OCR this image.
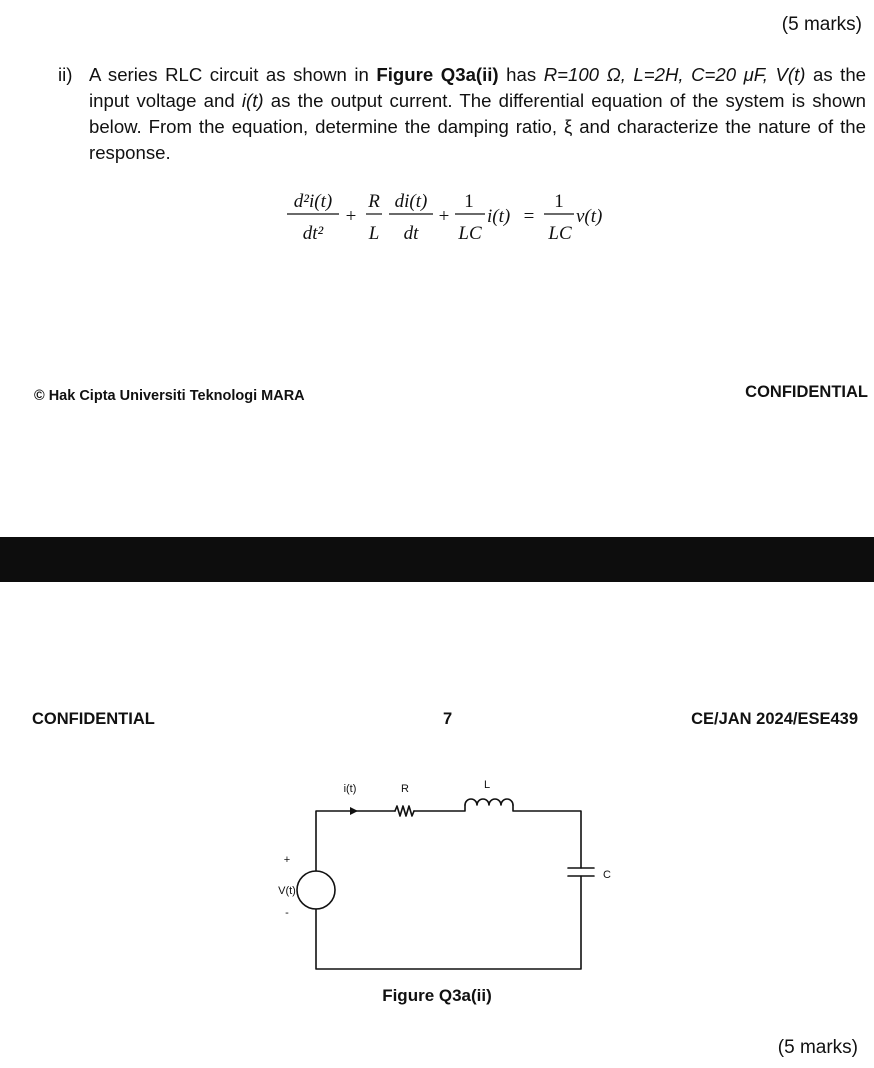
(5 marks)
ii) A series RLC circuit as shown in Figure Q3a(ii) has R=100 Ω, L=2H, C=20 μF, V(t) as the input voltage and i(t) as the output current. The differential equation of the system is shown below. From the equation, determine the damping ratio, ξ and characterize the nature of the response.
d²i(t)
dt²
+
R
L
di(t)
dt
+
1
LC
i(t) =
1
LC
v(t)
© Hak Cipta Universiti Teknologi MARA	CONFIDENTIAL
CONFIDENTIAL	7	CE/JAN 2024/ESE439
i(t)	R	L
C
V(t)
+
-
Figure Q3a(ii)
(5 marks)
